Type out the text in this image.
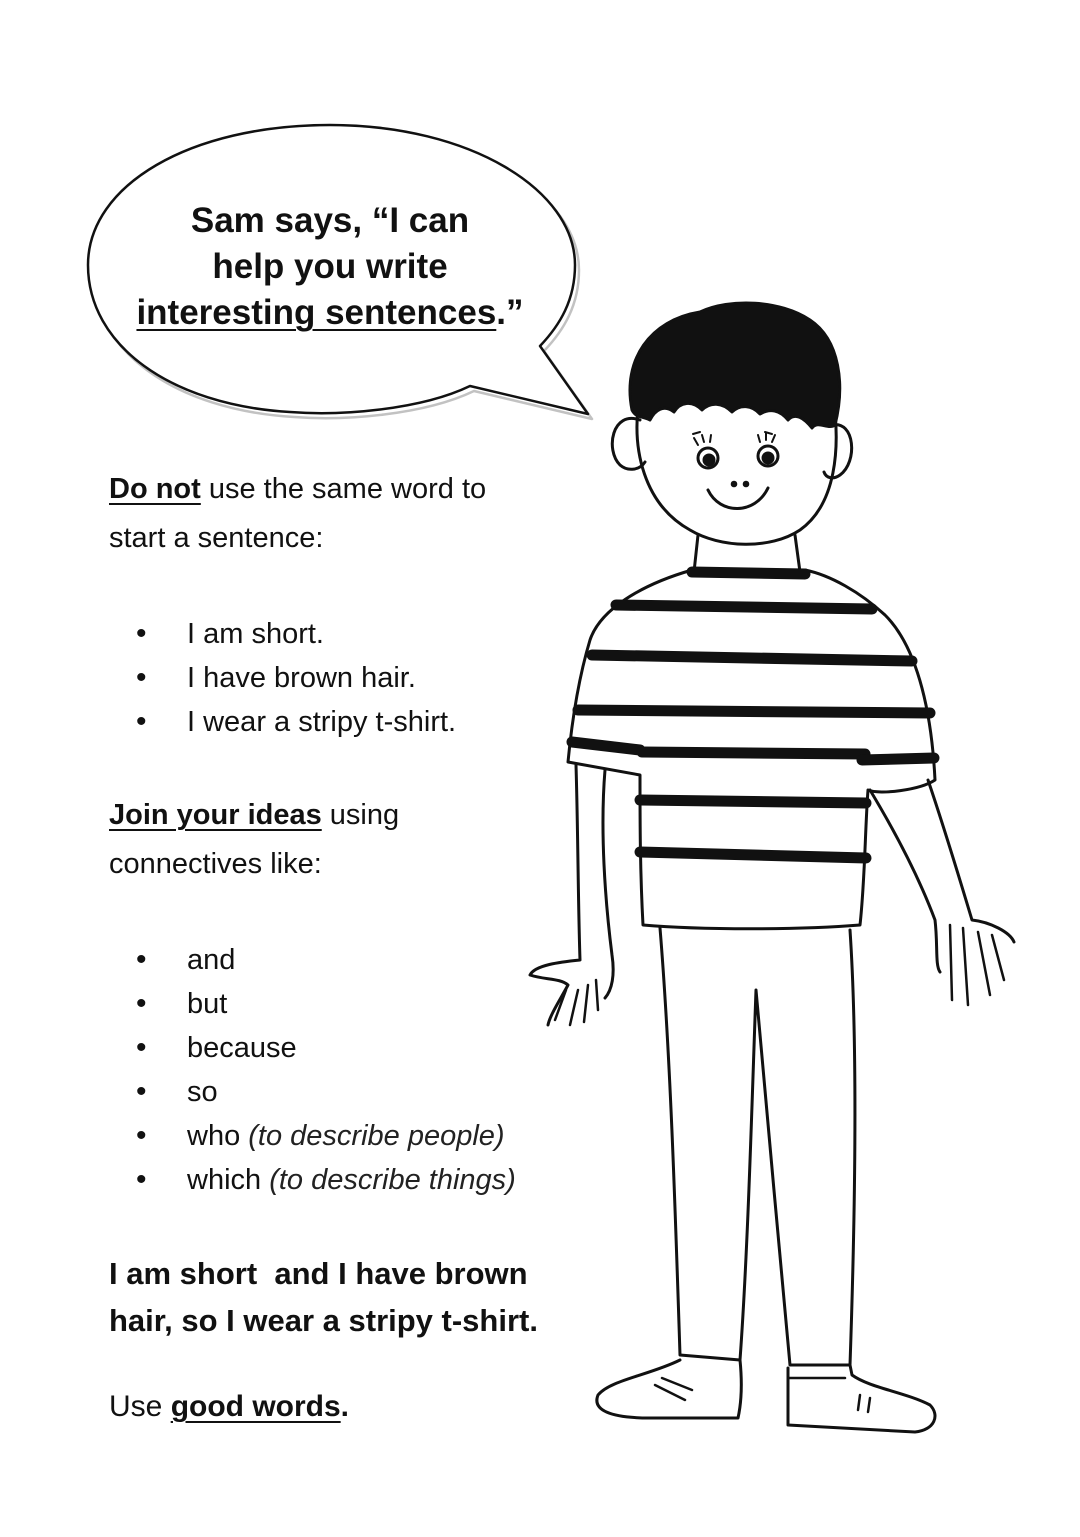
Sam says, “I can
help you write
interesting sentences.”
Do not use the same word to
start a sentence:
• I am short.
• I have brown hair.
• I wear a stripy t-shirt.
Join your ideas using
connectives like:
• and
• but
• because
• so
• who (to describe people)
• which (to describe things)
I am short  and I have brown
hair, so I wear a stripy t-shirt.
Use good words.
